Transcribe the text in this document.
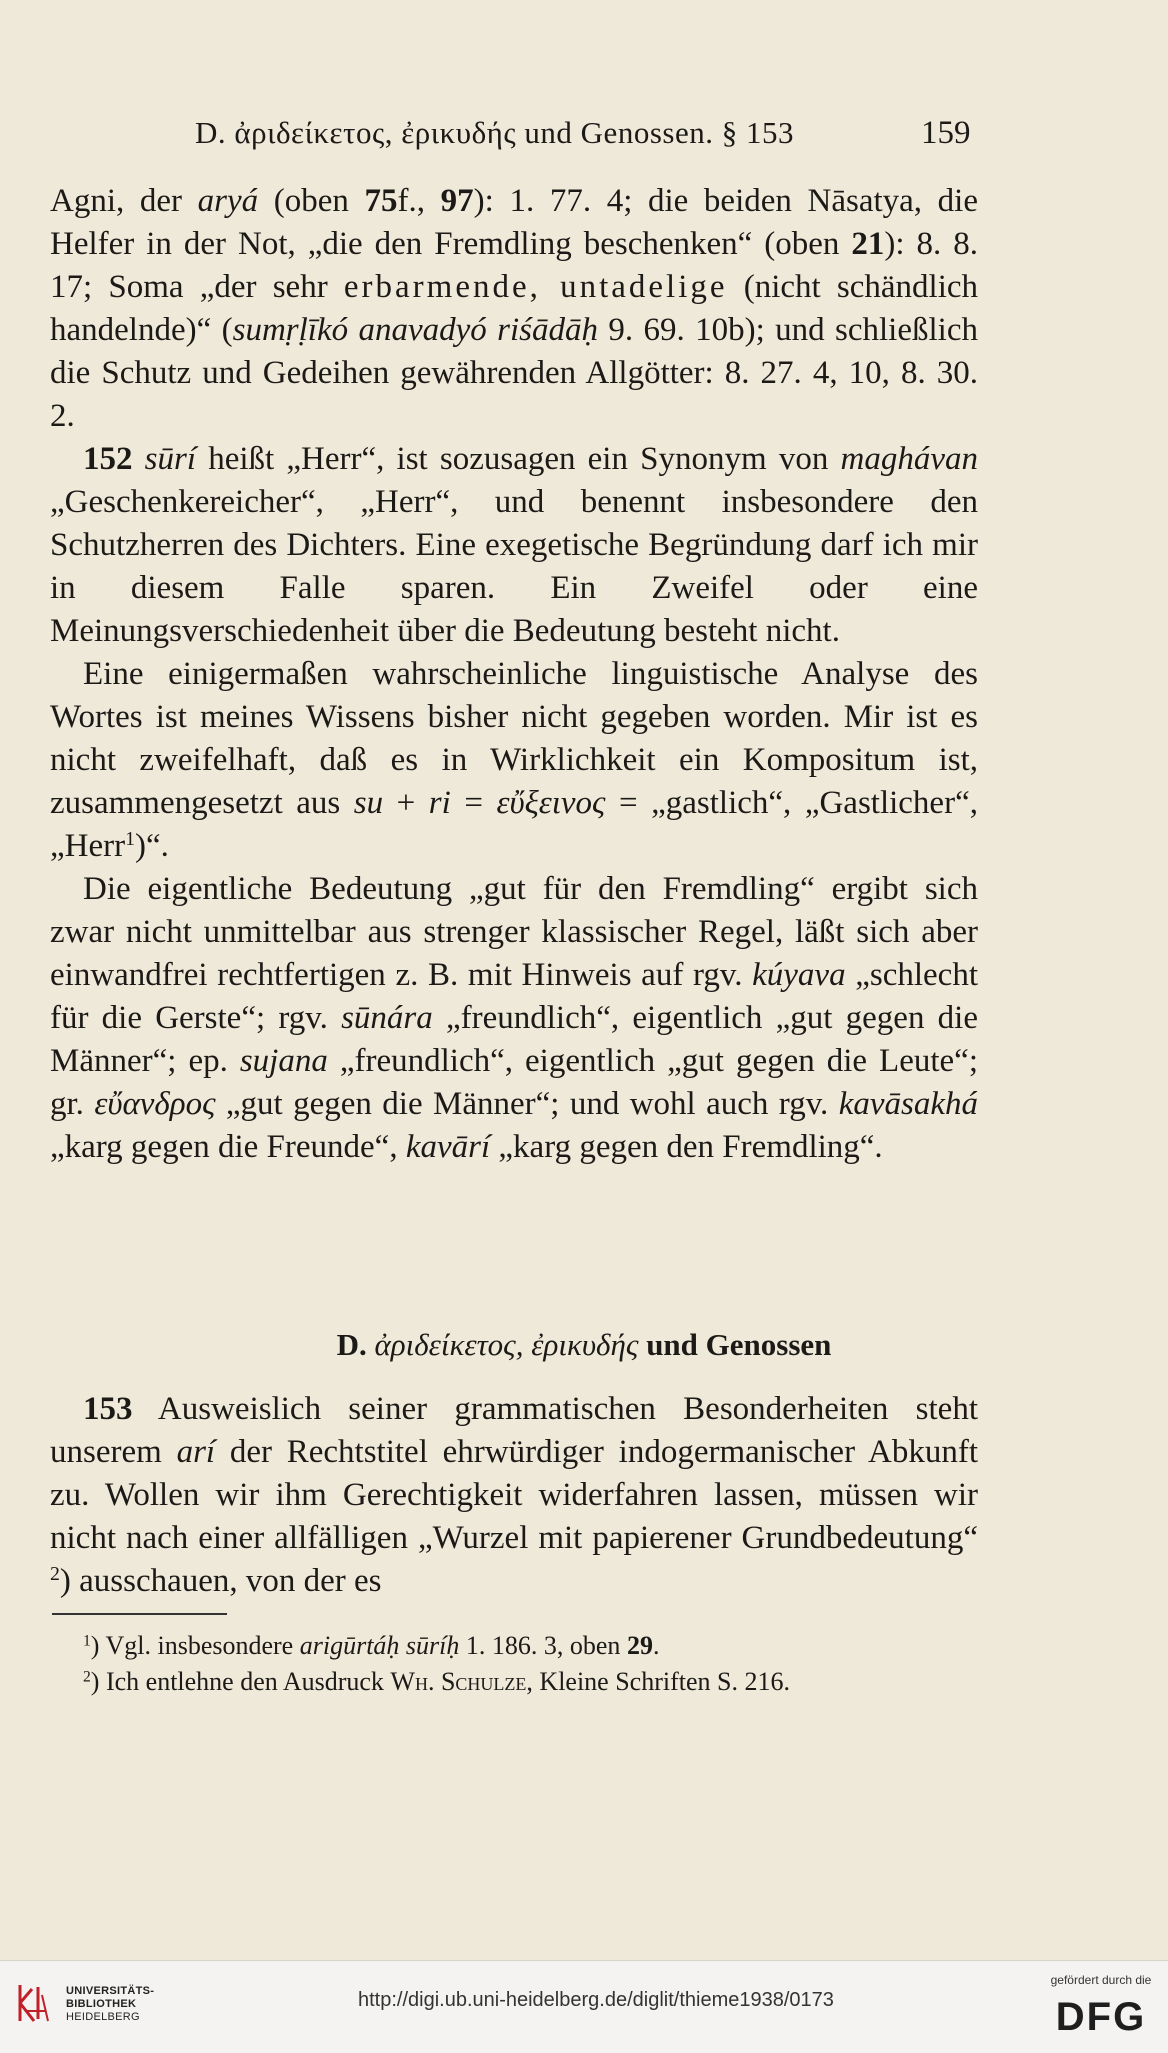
D. ἀριδείκετος, ἐρικυδής und Genossen. § 153	159

Agni, der aryá (oben 75f., 97): 1. 77. 4; die beiden Nāsatya, die Helfer in der Not, „die den Fremdling beschenken“ (oben 21): 8. 8. 17; Soma „der sehr erbarmende, untadelige (nicht schändlich handelnde)“ (sumṛḷīkó anavadyó riśādāḥ 9. 69. 10b); und schließlich die Schutz und Gedeihen gewährenden Allgötter: 8. 27. 4, 10, 8. 30. 2.

152 sūrí heißt „Herr“, ist sozusagen ein Synonym von maghávan „Geschenkereicher“, „Herr“, und benennt insbesondere den Schutzherren des Dichters. Eine exegetische Begründung darf ich mir in diesem Falle sparen. Ein Zweifel oder eine Meinungsverschiedenheit über die Bedeutung besteht nicht.

Eine einigermaßen wahrscheinliche linguistische Analyse des Wortes ist meines Wissens bisher nicht gegeben worden. Mir ist es nicht zweifelhaft, daß es in Wirklichkeit ein Kompositum ist, zusammengesetzt aus su + ri = εὔξεινος = „gastlich“, „Gastlicher“, „Herr$^1$)“.

Die eigentliche Bedeutung „gut für den Fremdling“ ergibt sich zwar nicht unmittelbar aus strenger klassischer Regel, läßt sich aber einwandfrei rechtfertigen z. B. mit Hinweis auf rgv. kúyava „schlecht für die Gerste“; rgv. sūnára „freundlich“, eigentlich „gut gegen die Männer“; ep. sujana „freundlich“, eigentlich „gut gegen die Leute“; gr. εὔανδρος „gut gegen die Männer“; und wohl auch rgv. kavāsakhá „karg gegen die Freunde“, kavārí „karg gegen den Fremdling“.

D. ἀριδείκετος, ἐρικυδής und Genossen

153 Ausweislich seiner grammatischen Besonderheiten steht unserem arí der Rechtstitel ehrwürdiger indogermanischer Abkunft zu. Wollen wir ihm Gerechtigkeit widerfahren lassen, müssen wir nicht nach einer allfälligen „Wurzel mit papierener Grundbedeutung“ $^2$) ausschauen, von der es

$^1$) Vgl. insbesondere arigūrtáḥ sūríḥ 1. 186. 3, oben 29.

$^2$) Ich entlehne den Ausdruck Wh. Schulze, Kleine Schriften S. 216.

UNIVERSITÄTS-
BIBLIOTHEK
HEIDELBERG
http://digi.ub.uni-heidelberg.de/diglit/thieme1938/0173
gefördert durch die
DFG
